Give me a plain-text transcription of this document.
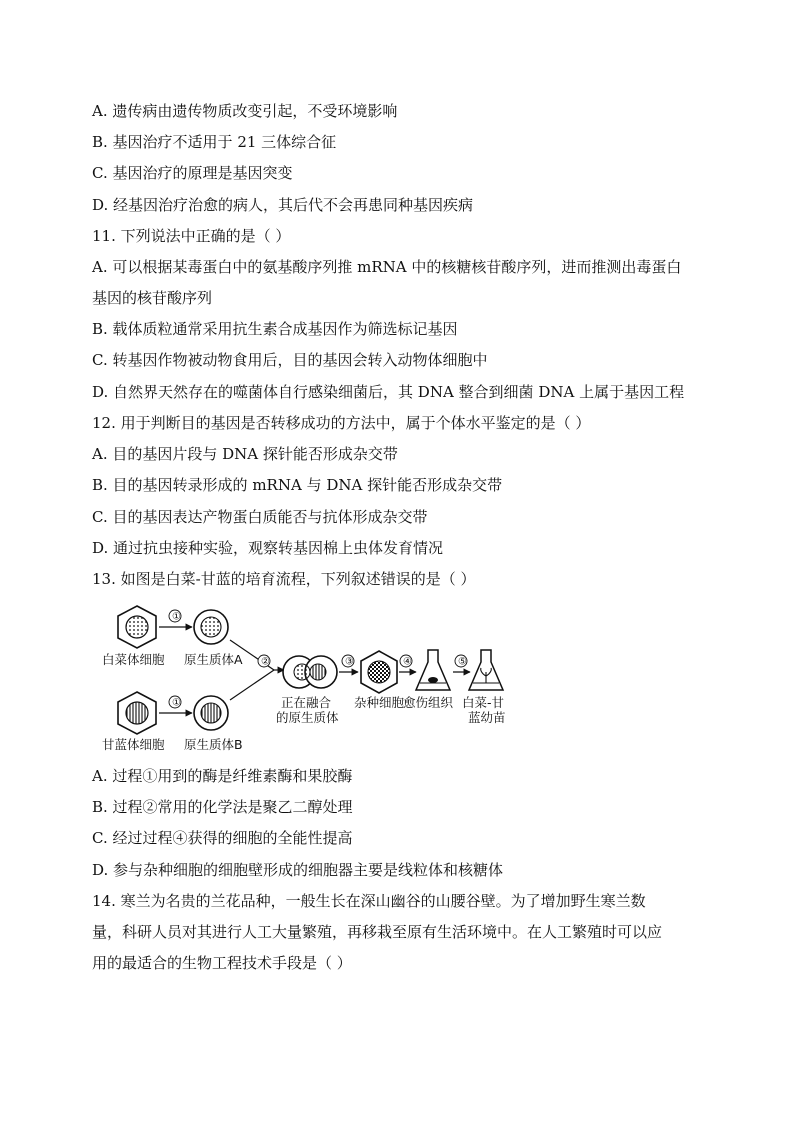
A. 遗传病由遗传物质改变引起，不受环境影响
B. 基因治疗不适用于 21 三体综合征
C. 基因治疗的原理是基因突变
D. 经基因治疗治愈的病人，其后代不会再患同种基因疾病
11. 下列说法中正确的是（ ）
A. 可以根据某毒蛋白中的氨基酸序列推 mRNA 中的核糖核苷酸序列，进而推测出毒蛋白
基因的核苷酸序列
B. 载体质粒通常采用抗生素合成基因作为筛选标记基因
C. 转基因作物被动物食用后，目的基因会转入动物体细胞中
D. 自然界天然存在的噬菌体自行感染细菌后，其 DNA 整合到细菌 DNA 上属于基因工程
12. 用于判断目的基因是否转移成功的方法中，属于个体水平鉴定的是（ ）
A. 目的基因片段与 DNA 探针能否形成杂交带
B. 目的基因转录形成的 mRNA 与 DNA 探针能否形成杂交带
C. 目的基因表达产物蛋白质能否与抗体形成杂交带
D. 通过抗虫接种实验，观察转基因棉上虫体发育情况
13. 如图是白菜-甘蓝的培育流程，下列叙述错误的是（ ）
白菜体细胞
①
原生质体A
甘蓝体细胞
①
原生质体B
②
正在融合
的原生质体
③
杂种细胞
④
愈伤组织
⑤
白菜-甘
蓝幼苗
A. 过程①用到的酶是纤维素酶和果胶酶
B. 过程②常用的化学法是聚乙二醇处理
C. 经过过程④获得的细胞的全能性提高
D. 参与杂种细胞的细胞壁形成的细胞器主要是线粒体和核糖体
14. 寒兰为名贵的兰花品种，一般生长在深山幽谷的山腰谷壁。为了增加野生寒兰数
量，科研人员对其进行人工大量繁殖，再移栽至原有生活环境中。在人工繁殖时可以应
用的最适合的生物工程技术手段是（ ）
